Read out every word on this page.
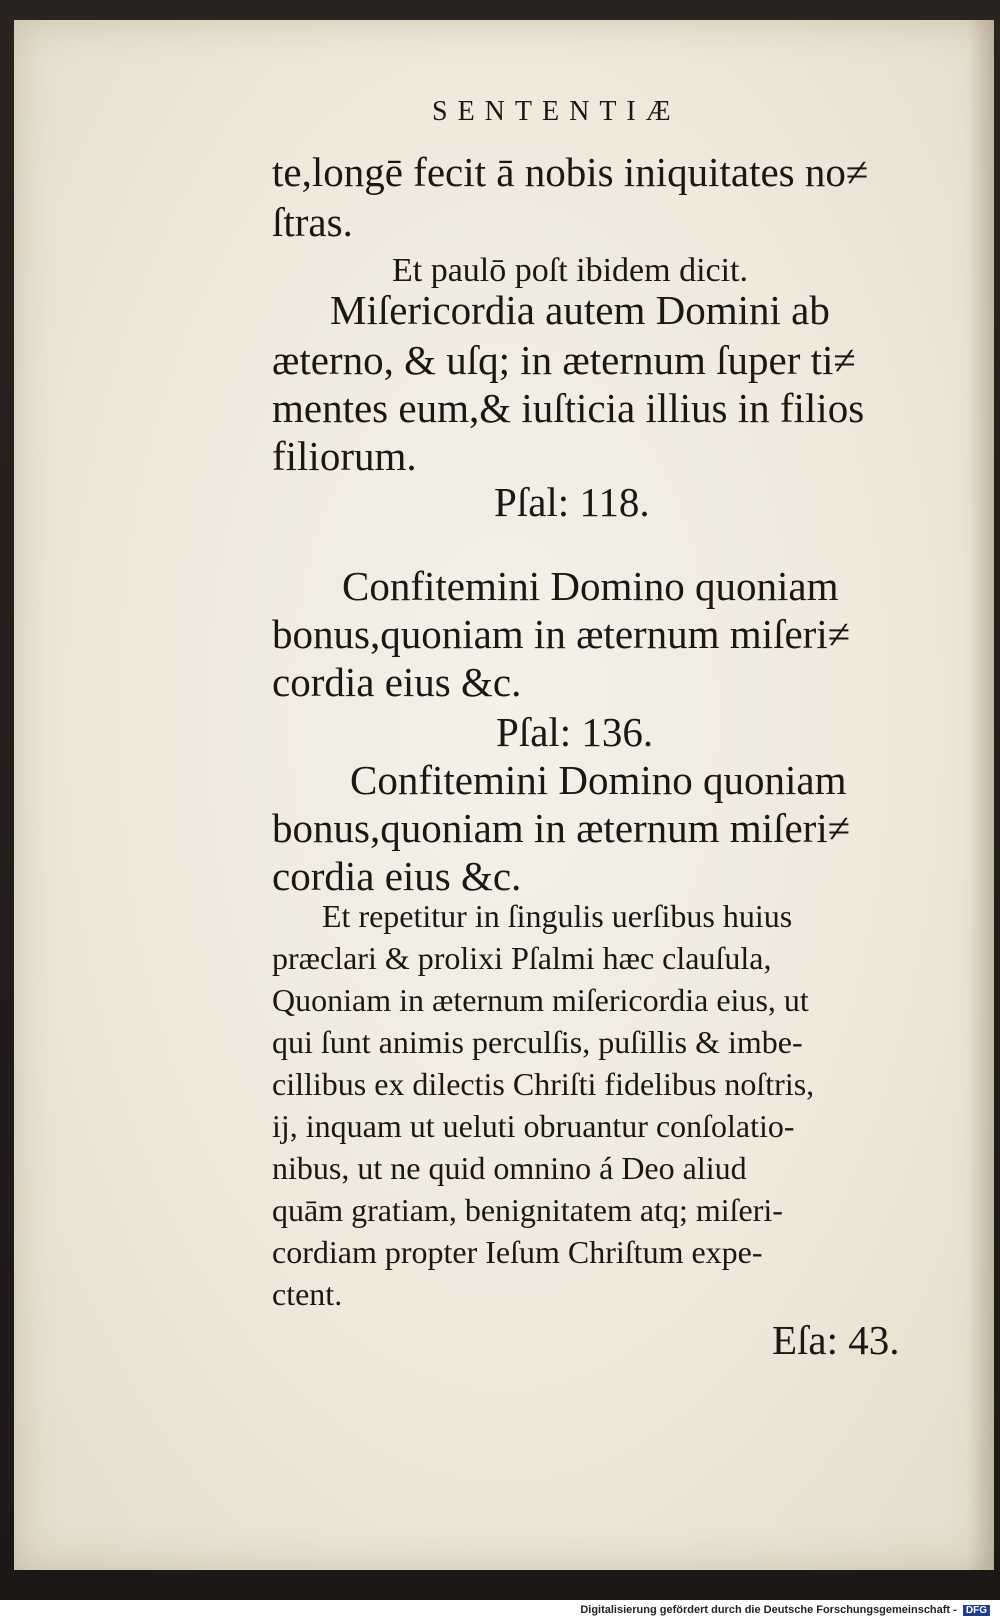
SENTENTIÆ
te,longē fecit ā nobis iniquitates no≠
ſtras.
Et paulō poſt ibidem dicit.
Miſericordia autem Domini ab
æterno, & uſq; in æternum ſuper ti≠
mentes eum,& iuſticia illius in filios
filiorum.
Pſal: 118.
Confitemini Domino quoniam
bonus,quoniam in æternum miſeri≠
cordia eius &c.
Pſal: 136.
Confitemini Domino quoniam
bonus,quoniam in æternum miſeri≠
cordia eius &c.
Et repetitur in ſingulis uerſibus huius
præclari & prolixi Pſalmi hæc clauſula,
Quoniam in æternum miſericordia eius, ut
qui ſunt animis perculſis, puſillis & imbe-
cillibus ex dilectis Chriſti fidelibus noſtris,
ij, inquam ut ueluti obruantur conſolatio-
nibus, ut ne quid omnino á Deo aliud
quām gratiam, benignitatem atq; miſeri-
cordiam propter Ieſum Chriſtum expe-
ctent.
Eſa: 43.
Digitalisierung gefördert durch die Deutsche Forschungsgemeinschaft - DFG
